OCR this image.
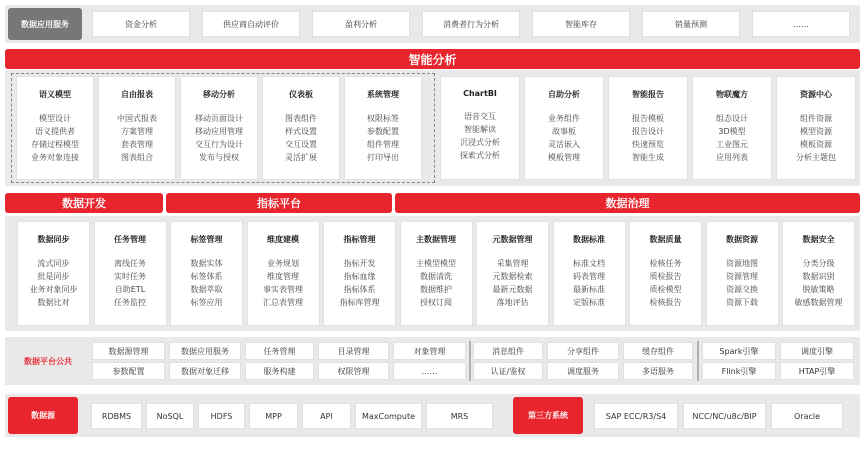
数据应用服务	资金分析	供应商自动评价	盈利分析	消费者行为分析	智能库存	销量预测	……
智能分析
语义模型
模型设计
语义提供者
存储过程模型
业务对象连接
自由报表
中国式报表
方案管理
套表管理
图表组合
移动分析
移动页面设计
移动应用管理
交互行为设计
发布与授权
仪表板
图表组件
样式设置
交互设置
灵活扩展
系统管理
权限标签
参数配置
组件管理
打印导出
ChartBI
语音交互
智能解读
沉浸式分析
探索式分析
自助分析
业务组件
故事板
灵活嵌入
模板管理
智能报告
报告模板
报告设计
快速预览
智能生成
物联魔方
组态设计
3D模型
工业图元
应用列表
资源中心
组件资源
模型资源
模板资源
分析主题包
数据开发	指标平台	数据治理
数据同步
流式同步
批是同步
业务对象同步
数据比对
任务管理
离线任务
实时任务
自助ETL
任务监控
标签管理
数据实体
标签体系
数据萃取
标签应用
维度建模
业务规划
维度管理
事实表管理
汇总表管理
指标管理
指标开发
指标血缘
指标体系
指标库管理
主数据管理
主模型模型
数据清洗
数据维护
授权订阅
元数据管理
采集管理
元数据检索
最新元数据
落地评估
数据标准
标准文档
码表管理
最新标准
定版标准
数据质量
检核任务
质检报告
质检模型
检核报告
数据资源
资源地图
资源管理
资源交换
资源下载
数据安全
分类分级
数据识别
脱敏策略
敏感数据管理
数据平台公共
数据源管理	数据应用服务	任务管理	目录管理	对象管理	消息组件	分享组件	缓存组件	Spark引擎	调度引擎
参数配置	数据对象迁移	服务构建	权限管理	……	认证/鉴权	调度服务	多语服务	Flink引擎	HTAP引擎
数据源	第三方系统
RDBMS	NoSQL	HDFS	MPP	API	MaxCompute	MRS	SAP ECC/R3/S4	NCC/NC/u8c/BIP	Oracle
